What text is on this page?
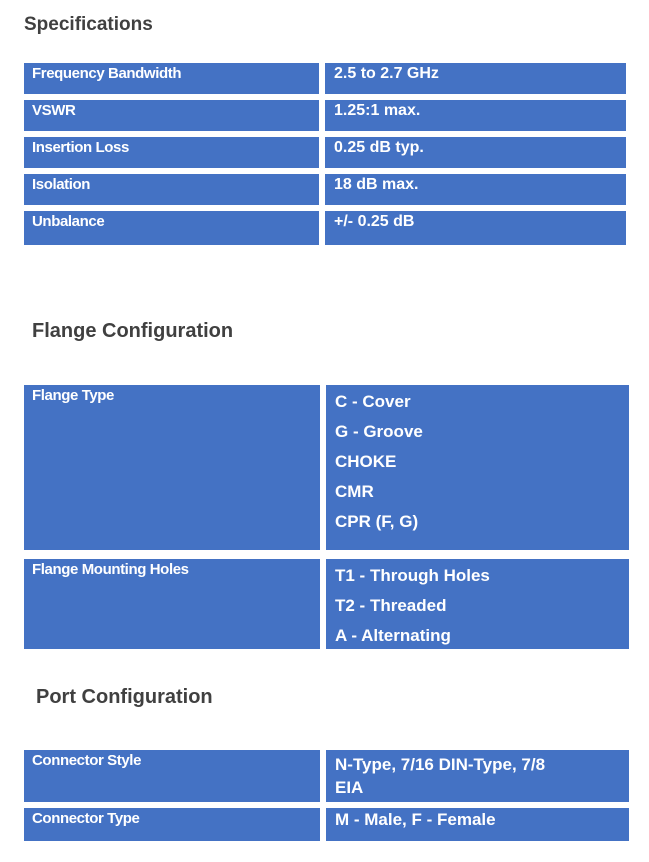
Specifications
Frequency Bandwidth	2.5 to 2.7 GHz
VSWR	1.25:1 max.
Insertion Loss	0.25 dB typ.
Isolation	18 dB max.
Unbalance	+/- 0.25 dB
Flange Configuration
Flange Type	C - Cover
G - Groove
CHOKE
CMR
CPR (F, G)
Flange Mounting Holes	T1 - Through Holes
T2 - Threaded
A - Alternating
Port Configuration
Connector Style	N-Type, 7/16 DIN-Type, 7/8
EIA
Connector Type	M - Male, F - Female
